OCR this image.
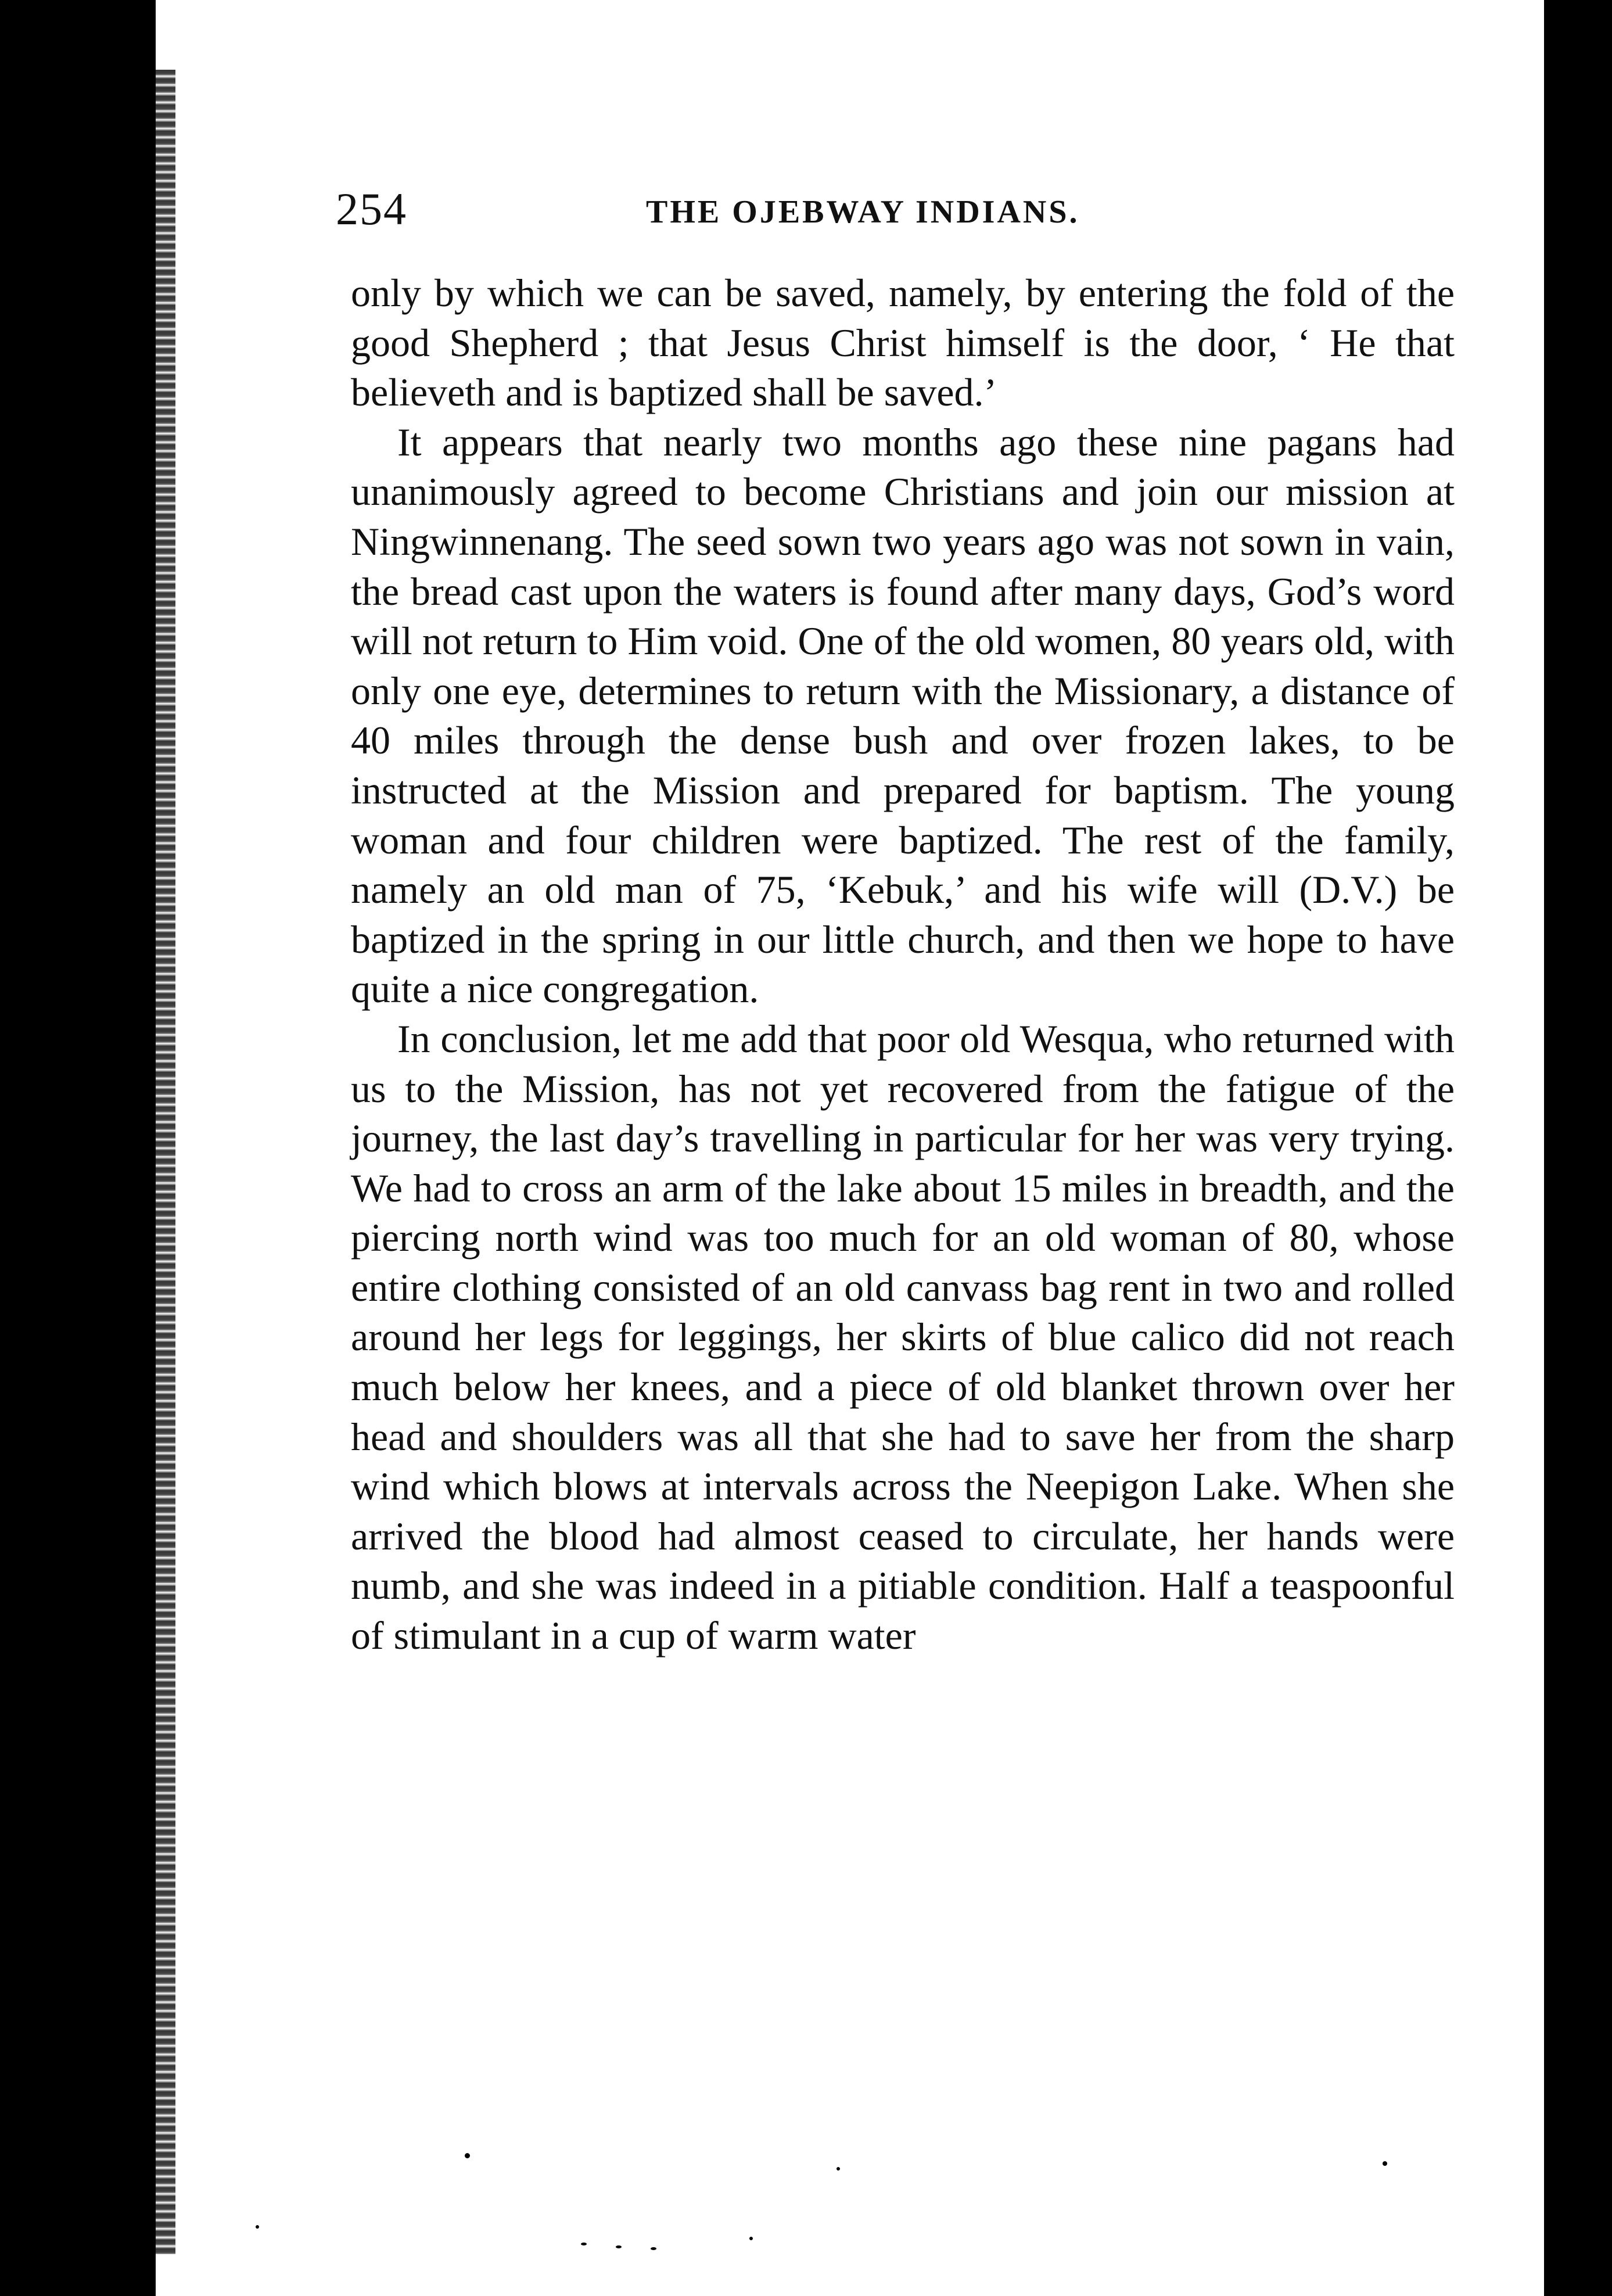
254	THE OJEBWAY INDIANS.

only by which we can be saved, namely, by entering the fold of the good Shepherd ; that Jesus Christ himself is the door, ‘ He that believeth and is baptized shall be saved.’

It appears that nearly two months ago these nine pagans had unanimously agreed to become Christians and join our mission at Ningwinnenang. The seed sown two years ago was not sown in vain, the bread cast upon the waters is found after many days, God’s word will not return to Him void. One of the old women, 80 years old, with only one eye, determines to return with the Missionary, a distance of 40 miles through the dense bush and over frozen lakes, to be instructed at the Mission and prepared for baptism. The young woman and four children were baptized. The rest of the family, namely an old man of 75, ‘Kebuk,’ and his wife will (D.V.) be baptized in the spring in our little church, and then we hope to have quite a nice congregation.

In conclusion, let me add that poor old Wesqua, who returned with us to the Mission, has not yet recovered from the fatigue of the journey, the last day’s travelling in particular for her was very trying. We had to cross an arm of the lake about 15 miles in breadth, and the piercing north wind was too much for an old woman of 80, whose entire clothing consisted of an old canvass bag rent in two and rolled around her legs for leggings, her skirts of blue calico did not reach much below her knees, and a piece of old blanket thrown over her head and shoulders was all that she had to save her from the sharp wind which blows at intervals across the Neepigon Lake. When she arrived the blood had almost ceased to circulate, her hands were numb, and she was indeed in a pitiable condition. Half a teaspoonful of stimulant in a cup of warm water
